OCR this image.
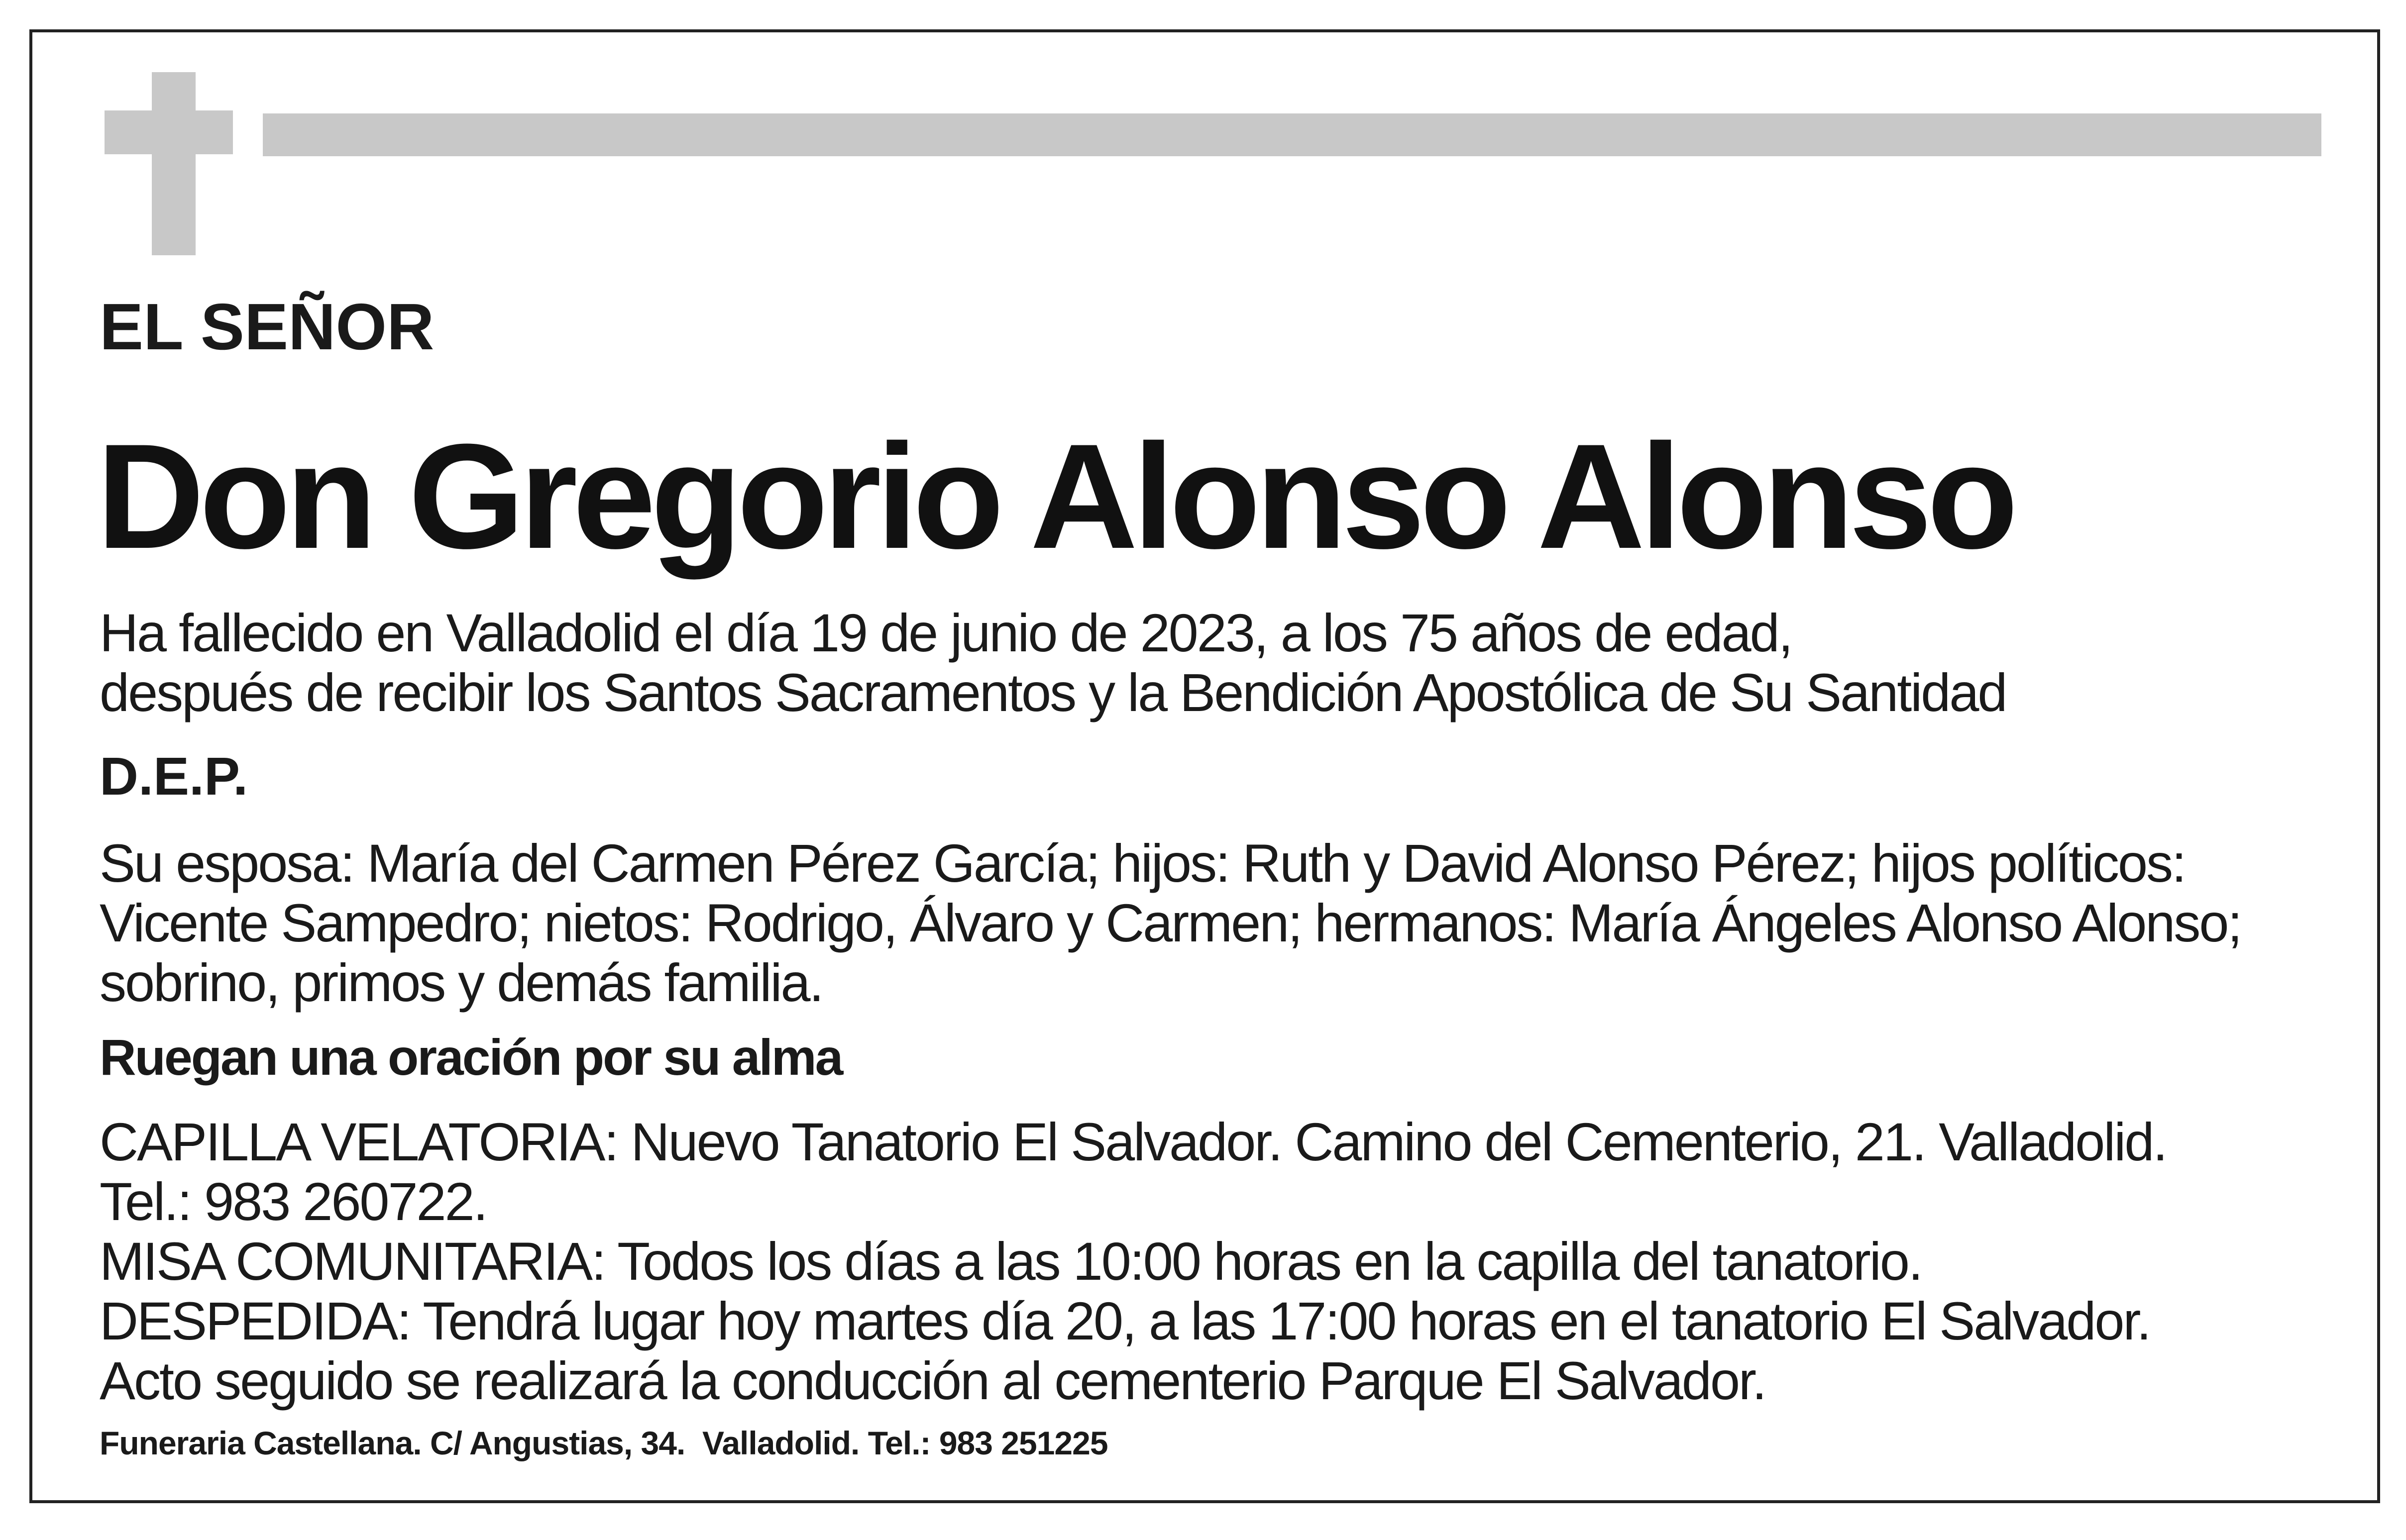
EL SEÑOR
Don Gregorio Alonso Alonso
Ha fallecido en Valladolid el día 19 de junio de 2023, a los 75 años de edad,
después de recibir los Santos Sacramentos y la Bendición Apostólica de Su Santidad
D.E.P.
Su esposa: María del Carmen Pérez García; hijos: Ruth y David Alonso Pérez; hijos políticos:
Vicente Sampedro; nietos: Rodrigo, Álvaro y Carmen; hermanos: María Ángeles Alonso Alonso;
sobrino, primos y demás familia.
Ruegan una oración por su alma
CAPILLA VELATORIA: Nuevo Tanatorio El Salvador. Camino del Cementerio, 21. Valladolid.
Tel.: 983 260722.
MISA COMUNITARIA: Todos los días a las 10:00 horas en la capilla del tanatorio.
DESPEDIDA: Tendrá lugar hoy martes día 20, a las 17:00 horas en el tanatorio El Salvador.
Acto seguido se realizará la conducción al cementerio Parque El Salvador.
Funeraria Castellana. C/ Angustias, 34.  Valladolid. Tel.: 983 251225
